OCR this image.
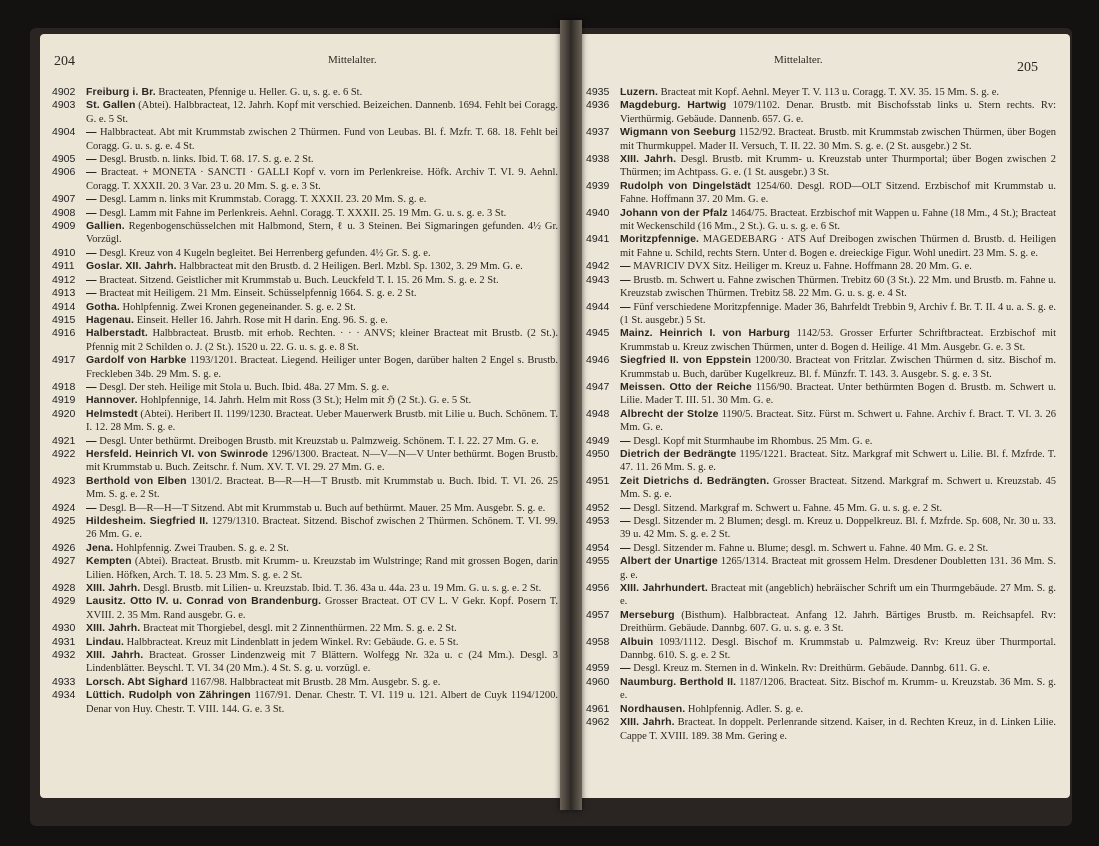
204	Mittelalter.
4902	Freiburg i. Br. Bracteaten, Pfennige u. Heller. G. u, s. g. e. 6 St.
4903	St. Gallen (Abtei). Halbbracteat, 12. Jahrh. Kopf mit verschied. Beizeichen. Dannenb. 1694. Fehlt bei Coragg. G. e. 5 St.
4904	— Halbbracteat. Abt mit Krummstab zwischen 2 Thürmen. Fund von Leubas. Bl. f. Mzfr. T. 68. 18. Fehlt bei Coragg. G. u. s. g. e. 4 St.
4905	— Desgl. Brustb. n. links. Ibid. T. 68. 17. S. g. e. 2 St.
4906	— Bracteat. + MONETA · SANCTI · GALLI Kopf v. vorn im Perlenkreise. Höfk. Archiv T. VI. 9. Aehnl. Coragg. T. XXXII. 20. 3 Var. 23 u. 20 Mm. S. g. e. 3 St.
4907	— Desgl. Lamm n. links mit Krummstab. Coragg. T. XXXII. 23. 20 Mm. S. g. e.
4908	— Desgl. Lamm mit Fahne im Perlenkreis. Aehnl. Coragg. T. XXXII. 25. 19 Mm. G. u. s. g. e. 3 St.
4909	Gallien. Regenbogenschüsselchen mit Halbmond, Stern, ℓ u. 3 Steinen. Bei Sigmaringen gefunden. 4½ Gr. Vorzügl.
4910	— Desgl. Kreuz von 4 Kugeln begleitet. Bei Herrenberg gefunden. 4½ Gr. S. g. e.
4911	Goslar. XII. Jahrh. Halbbracteat mit den Brustb. d. 2 Heiligen. Berl. Mzbl. Sp. 1302, 3. 29 Mm. G. e.
4912	— Bracteat. Sitzend. Geistlicher mit Krummstab u. Buch. Leuckfeld T. I. 15. 26 Mm. S. g. e. 2 St.
4913	— Bracteat mit Heiligem. 21 Mm. Einseit. Schüsselpfennig 1664. S. g. e. 2 St.
4914	Gotha. Hohlpfennig. Zwei Kronen gegeneinander. S. g. e. 2 St.
4915	Hagenau. Einseit. Heller 16. Jahrh. Rose mit H darin. Eng. 96. S. g. e.
4916	Halberstadt. Halbbracteat. Brustb. mit erhob. Rechten. · · · ANVS; kleiner Bracteat mit Brustb. (2 St.). Pfennig mit 2 Schilden o. J. (2 St.). 1520 u. 22. G. u. s. g. e. 8 St.
4917	Gardolf von Harbke 1193/1201. Bracteat. Liegend. Heiliger unter Bogen, darüber halten 2 Engel s. Brustb. Freckleben 34b. 29 Mm. S. g. e.
4918	— Desgl. Der steh. Heilige mit Stola u. Buch. Ibid. 48a. 27 Mm. S. g. e.
4919	Hannover. Hohlpfennige, 14. Jahrh. Helm mit Ross (3 St.); Helm mit ℌ (2 St.). G. e. 5 St.
4920	Helmstedt (Abtei). Heribert II. 1199/1230. Bracteat. Ueber Mauerwerk Brustb. mit Lilie u. Buch. Schönem. T. I. 12. 28 Mm. S. g. e.
4921	— Desgl. Unter bethürmt. Dreibogen Brustb. mit Kreuzstab u. Palmzweig. Schönem. T. I. 22. 27 Mm. G. e.
4922	Hersfeld. Heinrich VI. von Swinrode 1296/1300. Bracteat. N—V—N—V Unter bethürmt. Bogen Brustb. mit Krummstab u. Buch. Zeitschr. f. Num. XV. T. VI. 29. 27 Mm. G. e.
4923	Berthold von Elben 1301/2. Bracteat. B—R—H—T Brustb. mit Krummstab u. Buch. Ibid. T. VI. 26. 25 Mm. S. g. e. 2 St.
4924	— Desgl. B—R—H—T Sitzend. Abt mit Krummstab u. Buch auf bethürmt. Mauer. 25 Mm. Ausgebr. S. g. e.
4925	Hildesheim. Siegfried II. 1279/1310. Bracteat. Sitzend. Bischof zwischen 2 Thürmen. Schönem. T. VI. 99. 26 Mm. G. e.
4926	Jena. Hohlpfennig. Zwei Trauben. S. g. e. 2 St.
4927	Kempten (Abtei). Bracteat. Brustb. mit Krumm- u. Kreuzstab im Wulstringe; Rand mit grossen Bogen, darin Lilien. Höfken, Arch. T. 18. 5. 23 Mm. S. g. e. 2 St.
4928	XIII. Jahrh. Desgl. Brustb. mit Lilien- u. Kreuzstab. Ibid. T. 36. 43a u. 44a. 23 u. 19 Mm. G. u. s. g. e. 2 St.
4929	Lausitz. Otto IV. u. Conrad von Brandenburg. Grosser Bracteat. OT CV L. V Gekr. Kopf. Posern T. XVIII. 2. 35 Mm. Rand ausgebr. G. e.
4930	XIII. Jahrh. Bracteat mit Thorgiebel, desgl. mit 2 Zinnenthürmen. 22 Mm. S. g. e. 2 St.
4931	Lindau. Halbbracteat. Kreuz mit Lindenblatt in jedem Winkel. Rv: Gebäude. G. e. 5 St.
4932	XIII. Jahrh. Bracteat. Grosser Lindenzweig mit 7 Blättern. Wolfegg Nr. 32a u. c (24 Mm.). Desgl. 3 Lindenblätter. Beyschl. T. VI. 34 (20 Mm.). 4 St. S. g. u. vorzügl. e.
4933	Lorsch. Abt Sighard 1167/98. Halbbracteat mit Brustb. 28 Mm. Ausgebr. S. g. e.
4934	Lüttich. Rudolph von Zähringen 1167/91. Denar. Chestr. T. VI. 119 u. 121. Albert de Cuyk 1194/1200. Denar von Huy. Chestr. T. VIII. 144. G. e. 3 St.
Mittelalter.	205
4935	Luzern. Bracteat mit Kopf. Aehnl. Meyer T. V. 113 u. Coragg. T. XV. 35. 15 Mm. S. g. e.
4936	Magdeburg. Hartwig 1079/1102. Denar. Brustb. mit Bischofsstab links u. Stern rechts. Rv: Vierthürmig. Gebäude. Dannenb. 657. G. e.
4937	Wigmann von Seeburg 1152/92. Bracteat. Brustb. mit Krummstab zwischen Thürmen, über Bogen mit Thurmkuppel. Mader II. Versuch, T. II. 22. 30 Mm. S. g. e. (2 St. ausgebr.) 2 St.
4938	XIII. Jahrh. Desgl. Brustb. mit Krumm- u. Kreuzstab unter Thurmportal; über Bogen zwischen 2 Thürmen; im Achtpass. G. e. (1 St. ausgebr.) 3 St.
4939	Rudolph von Dingelstädt 1254/60. Desgl. ROD—OLT Sitzend. Erzbischof mit Krummstab u. Fahne. Hoffmann 37. 20 Mm. G. e.
4940	Johann von der Pfalz 1464/75. Bracteat. Erzbischof mit Wappen u. Fahne (18 Mm., 4 St.); Bracteat mit Weckenschild (16 Mm., 2 St.). G. u. s. g. e. 6 St.
4941	Moritzpfennige. MAGEDEBARG · ATS Auf Dreibogen zwischen Thürmen d. Brustb. d. Heiligen mit Fahne u. Schild, rechts Stern. Unter d. Bogen e. dreieckige Figur. Wohl unedirt. 23 Mm. S. g. e.
4942	— MAVRICIV DVX Sitz. Heiliger m. Kreuz u. Fahne. Hoffmann 28. 20 Mm. G. e.
4943	— Brustb. m. Schwert u. Fahne zwischen Thürmen. Trebitz 60 (3 St.). 22 Mm. und Brustb. m. Fahne u. Kreuzstab zwischen Thürmen. Trebitz 58. 22 Mm. G. u. s. g. e. 4 St.
4944	— Fünf verschiedene Moritzpfennige. Mader 36, Bahrfeldt Trebbin 9, Archiv f. Br. T. II. 4 u. a. S. g. e. (1 St. ausgebr.) 5 St.
4945	Mainz. Heinrich I. von Harburg 1142/53. Grosser Erfurter Schriftbracteat. Erzbischof mit Krummstab u. Kreuz zwischen Thürmen, unter d. Bogen d. Heilige. 41 Mm. Ausgebr. G. e. 3 St.
4946	Siegfried II. von Eppstein 1200/30. Bracteat von Fritzlar. Zwischen Thürmen d. sitz. Bischof m. Krummstab u. Buch, darüber Kugelkreuz. Bl. f. Münzfr. T. 143. 3. Ausgebr. S. g. e. 3 St.
4947	Meissen. Otto der Reiche 1156/90. Bracteat. Unter bethürmten Bogen d. Brustb. m. Schwert u. Lilie. Mader T. III. 51. 30 Mm. G. e.
4948	Albrecht der Stolze 1190/5. Bracteat. Sitz. Fürst m. Schwert u. Fahne. Archiv f. Bract. T. VI. 3. 26 Mm. G. e.
4949	— Desgl. Kopf mit Sturmhaube im Rhombus. 25 Mm. G. e.
4950	Dietrich der Bedrängte 1195/1221. Bracteat. Sitz. Markgraf mit Schwert u. Lilie. Bl. f. Mzfrde. T. 47. 11. 26 Mm. S. g. e.
4951	Zeit Dietrichs d. Bedrängten. Grosser Bracteat. Sitzend. Markgraf m. Schwert u. Kreuzstab. 45 Mm. S. g. e.
4952	— Desgl. Sitzend. Markgraf m. Schwert u. Fahne. 45 Mm. G. u. s. g. e. 2 St.
4953	— Desgl. Sitzender m. 2 Blumen; desgl. m. Kreuz u. Doppelkreuz. Bl. f. Mzfrde. Sp. 608, Nr. 30 u. 33. 39 u. 42 Mm. S. g. e. 2 St.
4954	— Desgl. Sitzender m. Fahne u. Blume; desgl. m. Schwert u. Fahne. 40 Mm. G. e. 2 St.
4955	Albert der Unartige 1265/1314. Bracteat mit grossem Helm. Dresdener Doubletten 131. 36 Mm. S. g. e.
4956	XIII. Jahrhundert. Bracteat mit (angeblich) hebräischer Schrift um ein Thurmgebäude. 27 Mm. S. g. e.
4957	Merseburg (Bisthum). Halbbracteat. Anfang 12. Jahrh. Bärtiges Brustb. m. Reichsapfel. Rv: Dreithürm. Gebäude. Dannbg. 607. G. u. s. g. e. 3 St.
4958	Albuin 1093/1112. Desgl. Bischof m. Krummstab u. Palmzweig. Rv: Kreuz über Thurmportal. Dannbg. 610. S. g. e. 2 St.
4959	— Desgl. Kreuz m. Sternen in d. Winkeln. Rv: Dreithürm. Gebäude. Dannbg. 611. G. e.
4960	Naumburg. Berthold II. 1187/1206. Bracteat. Sitz. Bischof m. Krumm- u. Kreuzstab. 36 Mm. S. g. e.
4961	Nordhausen. Hohlpfennig. Adler. S. g. e.
4962	XIII. Jahrh. Bracteat. In doppelt. Perlenrande sitzend. Kaiser, in d. Rechten Kreuz, in d. Linken Lilie. Cappe T. XVIII. 189. 38 Mm. Gering e.
